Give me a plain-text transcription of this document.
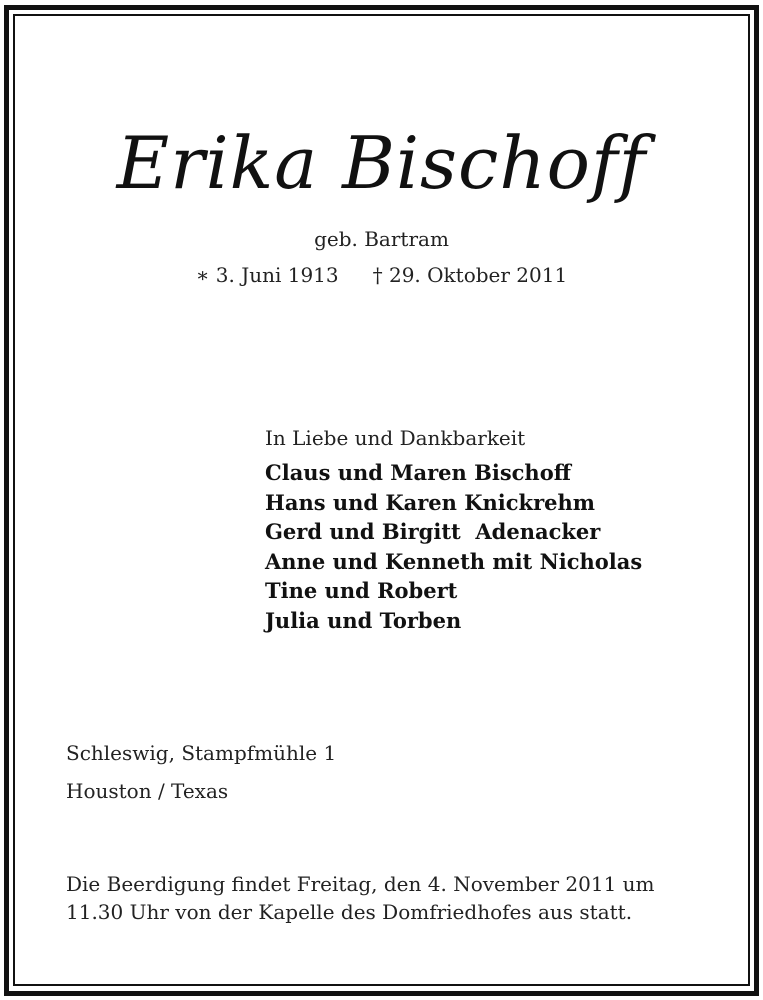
Erika Bischoff
geb. Bartram
∗ 3. Juni 1913 † 29. Oktober 2011
In Liebe und Dankbarkeit
Claus und Maren Bischoff
Hans und Karen Knickrehm
Gerd und Birgitt  Adenacker
Anne und Kenneth mit Nicholas
Tine und Robert
Julia und Torben
Schleswig, Stampfmühle 1
Houston / Texas
Die Beerdigung findet Freitag, den 4. November 2011 um
11.30 Uhr von der Kapelle des Domfriedhofes aus statt.
